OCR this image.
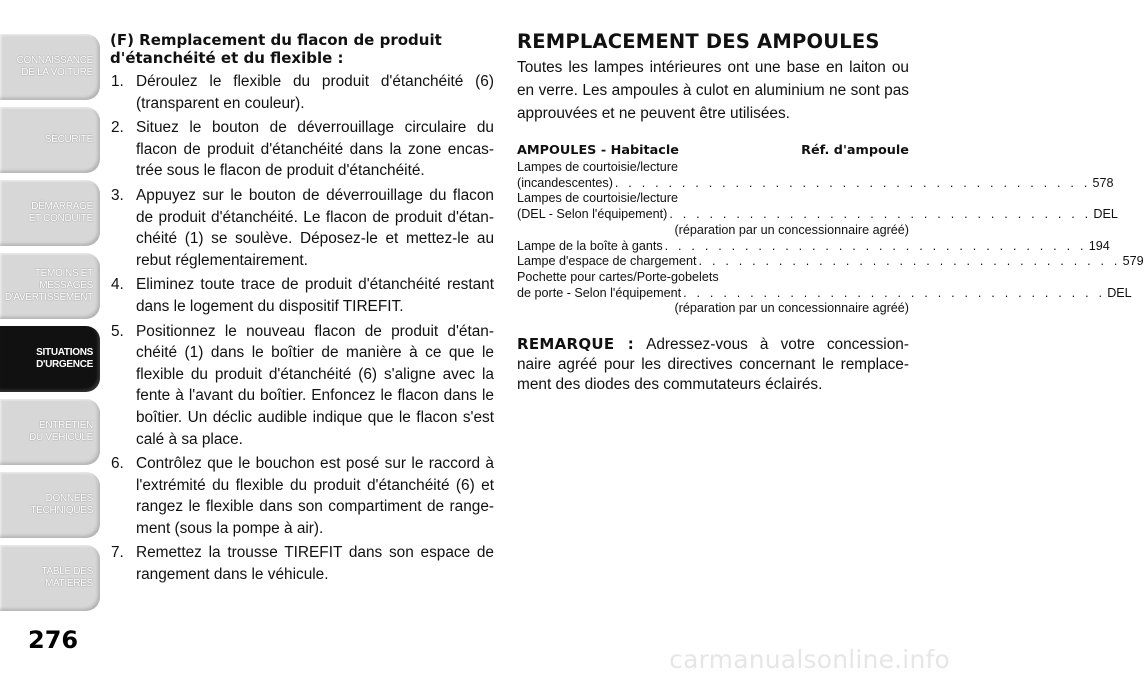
CONNAISSANCE
DE LA VOITURE
SÉCURITÉ
DÉMARRAGE
ET CONDUITE
TEMOINS ET
MESSAGES
D'AVERTISSEMENT
SITUATIONS
D'URGENCE
ENTRETIEN
DU VEHICULE
DONNÉES
TECHNIQUES
TABLE DES
MATIÈRES
276
(F) Remplacement du flacon de produit d'étanchéité et du flexible :
1. Déroulez le flexible du produit d'étanchéité (6) (transparent en couleur).
2. Situez le bouton de déverrouillage circulaire du flacon de produit d'étanchéité dans la zone encas-trée sous le flacon de produit d'étanchéité.
3. Appuyez sur le bouton de déverrouillage du flacon de produit d'étanchéité. Le flacon de produit d'étan-chéité (1) se soulève. Déposez-le et mettez-le au rebut réglementairement.
4. Eliminez toute trace de produit d'étanchéité restant dans le logement du dispositif TIREFIT.
5. Positionnez le nouveau flacon de produit d'étan-chéité (1) dans le boîtier de manière à ce que le flexible du produit d'étanchéité (6) s'aligne avec la fente à l'avant du boîtier. Enfoncez le flacon dans le boîtier. Un déclic audible indique que le flacon s'est calé à sa place.
6. Contrôlez que le bouchon est posé sur le raccord à l'extrémité du flexible du produit d'étanchéité (6) et rangez le flexible dans son compartiment de range-ment (sous la pompe à air).
7. Remettez la trousse TIREFIT dans son espace de rangement dans le véhicule.
REMPLACEMENT DES AMPOULES

Toutes les lampes intérieures ont une base en laiton ou en verre. Les ampoules à culot en aluminium ne sont pas approuvées et ne peuvent être utilisées.

AMPOULES - Habitacle	Réf. d'ampoule
Lampes de courtoisie/lecture
(incandescentes) . . . . . . . . . . . . . . . . . . . . . . . . . . . . . . . . . . . . 578
Lampes de courtoisie/lecture
(DEL - Selon l'équipement) . . . . . . . . . . . . . . . . . . . . . . . . . . . . . . . . DEL
(réparation par un concessionnaire agréé)
Lampe de la boîte à gants . . . . . . . . . . . . . . . . . . . . . . . . . . . . . . . . 194
Lampe d'espace de chargement . . . . . . . . . . . . . . . . . . . . . . . . . . . . . . . . 579
Pochette pour cartes/Porte-gobelets
de porte - Selon l'équipement . . . . . . . . . . . . . . . . . . . . . . . . . . . . . . . . DEL
(réparation par un concessionnaire agréé)
REMARQUE : Adressez-vous à votre concession-naire agréé pour les directives concernant le remplace-ment des diodes des commutateurs éclairés.
carmanualsonline.info
